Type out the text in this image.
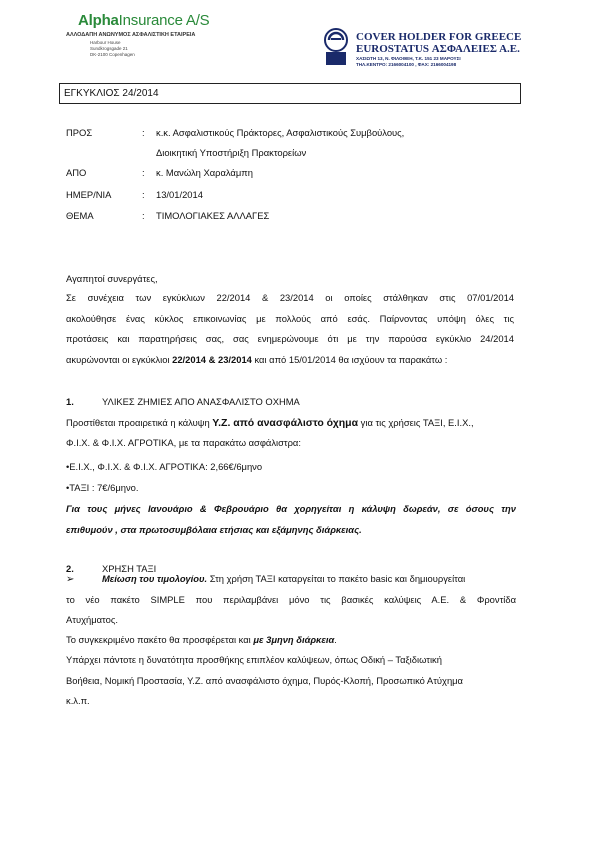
AlphaInsurance A/S
ΑΛΛΟΔΑΠΗ ΑΝΩΝΥΜΟΣ ΑΣΦΑΛΙΣΤΙΚΗ ΕΤΑΙΡΕΙΑ
Harbour House
Sundkrogsgade 21
DK-2100 Copenhagen
COVER HOLDER FOR GREECE
EUROSTATUS ΑΣΦΑΛΕΙΕΣ Α.Ε.
ΧΑΣΙΩΤΗ 13, Ν. ΦΙΛΟΘΕΗ, Τ.Κ. 151 23 ΜΑΡΟΥΣΙ
ΤΗΛ.ΚΕΝΤΡΟ: 2166004100 , ΦΑΧ: 2166004198
ΕΓΚΥΚΛΙΟΣ 24/2014
ΠΡΟΣ	: κ.κ. Ασφαλιστικούς Πράκτορες, Ασφαλιστικούς Συμβούλους,
Διοικητική Υποστήριξη Πρακτορείων
ΑΠΟ	: κ. Μανώλη Χαραλάμπη
ΗΜΕΡ/ΝΙΑ	: 13/01/2014
ΘΕΜΑ	: ΤΙΜΟΛΟΓΙΑΚΕΣ ΑΛΛΑΓΕΣ
Αγαπητοί συνεργάτες,
Σε συνέχεια των εγκύκλιων 22/2014 & 23/2014 οι οποίες στάλθηκαν στις 07/01/2014
ακολούθησε ένας κύκλος επικοινωνίας με πολλούς από εσάς. Παίρνοντας υπόψη όλες τις
προτάσεις και παρατηρήσεις σας, σας ενημερώνουμε ότι με την παρούσα εγκύκλιο 24/2014
ακυρώνονται οι εγκύκλιοι 22/2014 & 23/2014 και από 15/01/2014 θα ισχύουν τα παρακάτω :
1.	ΥΛΙΚΕΣ ΖΗΜΙΕΣ ΑΠΟ ΑΝΑΣΦΑΛΙΣΤΟ ΟΧΗΜΑ
Προστίθεται προαιρετικά η κάλυψη Υ.Ζ. από ανασφάλιστο όχημα για τις χρήσεις ΤΑΞΙ, Ε.Ι.Χ.,
Φ.Ι.Χ. & Φ.Ι.Χ. ΑΓΡΟΤΙΚΑ, με τα παρακάτω ασφάλιστρα:
•Ε.Ι.Χ., Φ.Ι.Χ. & Φ.Ι.Χ. ΑΓΡΟΤΙΚΑ: 2,66€/6μηνο
•ΤΑΞΙ : 7€/6μηνο.
Για τους μήνες Ιανουάριο & Φεβρουάριο θα χορηγείται η κάλυψη δωρεάν, σε όσους την
επιθυμούν , στα πρωτοσυμβόλαια ετήσιας και εξάμηνης διάρκειας.
2.	ΧΡΗΣΗ ΤΑΞΙ
➢	Μείωση του τιμολογίου. Στη χρήση ΤΑΞΙ καταργείται το πακέτο basic και δημιουργείται
το νέο πακέτο SIMPLE που περιλαμβάνει μόνο τις βασικές καλύψεις Α.Ε. & Φροντίδα
Ατυχήματος.
Το συγκεκριμένο πακέτο θα προσφέρεται και με 3μηνη διάρκεια.
Υπάρχει πάντοτε η δυνατότητα προσθήκης επιπλέον καλύψεων, όπως Οδική – Ταξιδιωτική
Βοήθεια, Νομική Προστασία, Υ.Ζ. από ανασφάλιστο όχημα, Πυρός-Κλοπή, Προσωπικό Ατύχημα
κ.λ.π.
